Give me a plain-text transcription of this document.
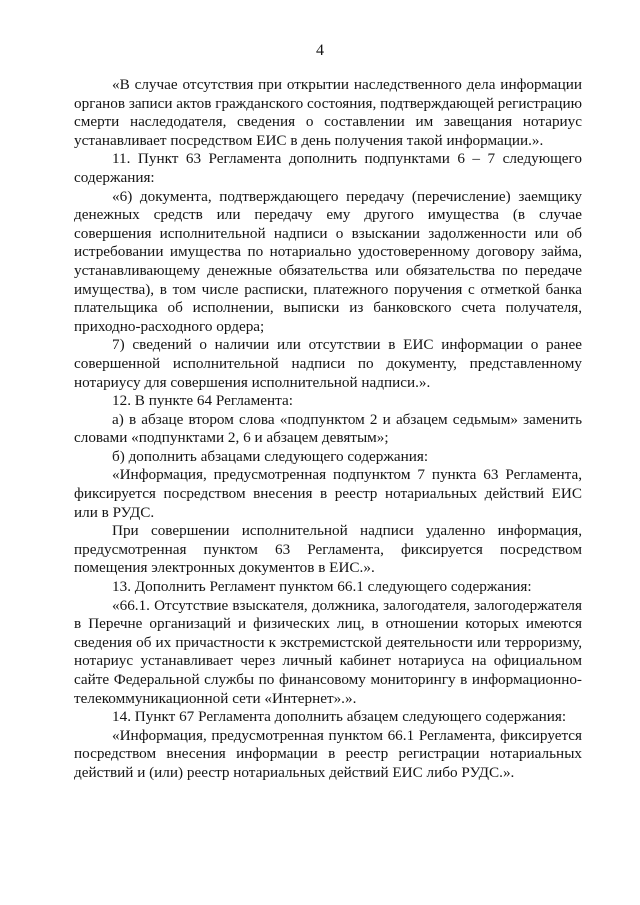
4

«В случае отсутствия при открытии наследственного дела информации органов записи актов гражданского состояния, подтверждающей регистрацию смерти наследодателя, сведения о составлении им завещания нотариус устанавливает посредством ЕИС в день получения такой информации.».

11. Пункт 63 Регламента дополнить подпунктами 6 – 7 следующего содержания:

«6) документа, подтверждающего передачу (перечисление) заемщику денежных средств или передачу ему другого имущества (в случае совершения исполнительной надписи о взыскании задолженности или об истребовании имущества по нотариально удостоверенному договору займа, устанавливающему денежные обязательства или обязательства по передаче имущества), в том числе расписки, платежного поручения с отметкой банка плательщика об исполнении, выписки из банковского счета получателя, приходно-расходного ордера;

7) сведений о наличии или отсутствии в ЕИС информации о ранее совершенной исполнительной надписи по документу, представленному нотариусу для совершения исполнительной надписи.».

12. В пункте 64 Регламента:

а) в абзаце втором слова «подпунктом 2 и абзацем седьмым» заменить словами «подпунктами 2, 6 и абзацем девятым»;

б) дополнить абзацами следующего содержания:

«Информация, предусмотренная подпунктом 7 пункта 63 Регламента, фиксируется посредством внесения в реестр нотариальных действий ЕИС или в РУДС.

При совершении исполнительной надписи удаленно информация, предусмотренная пунктом 63 Регламента, фиксируется посредством помещения электронных документов в ЕИС.».

13. Дополнить Регламент пунктом 66.1 следующего содержания:

«66.1. Отсутствие взыскателя, должника, залогодателя, залогодержателя в Перечне организаций и физических лиц, в отношении которых имеются сведения об их причастности к экстремистской деятельности или терроризму, нотариус устанавливает через личный кабинет нотариуса на официальном сайте Федеральной службы по финансовому мониторингу в информационно-телекоммуникационной сети «Интернет».».

14. Пункт 67 Регламента дополнить абзацем следующего содержания:

«Информация, предусмотренная пунктом 66.1 Регламента, фиксируется посредством внесения информации в реестр регистрации нотариальных действий и (или) реестр нотариальных действий ЕИС либо РУДС.».
